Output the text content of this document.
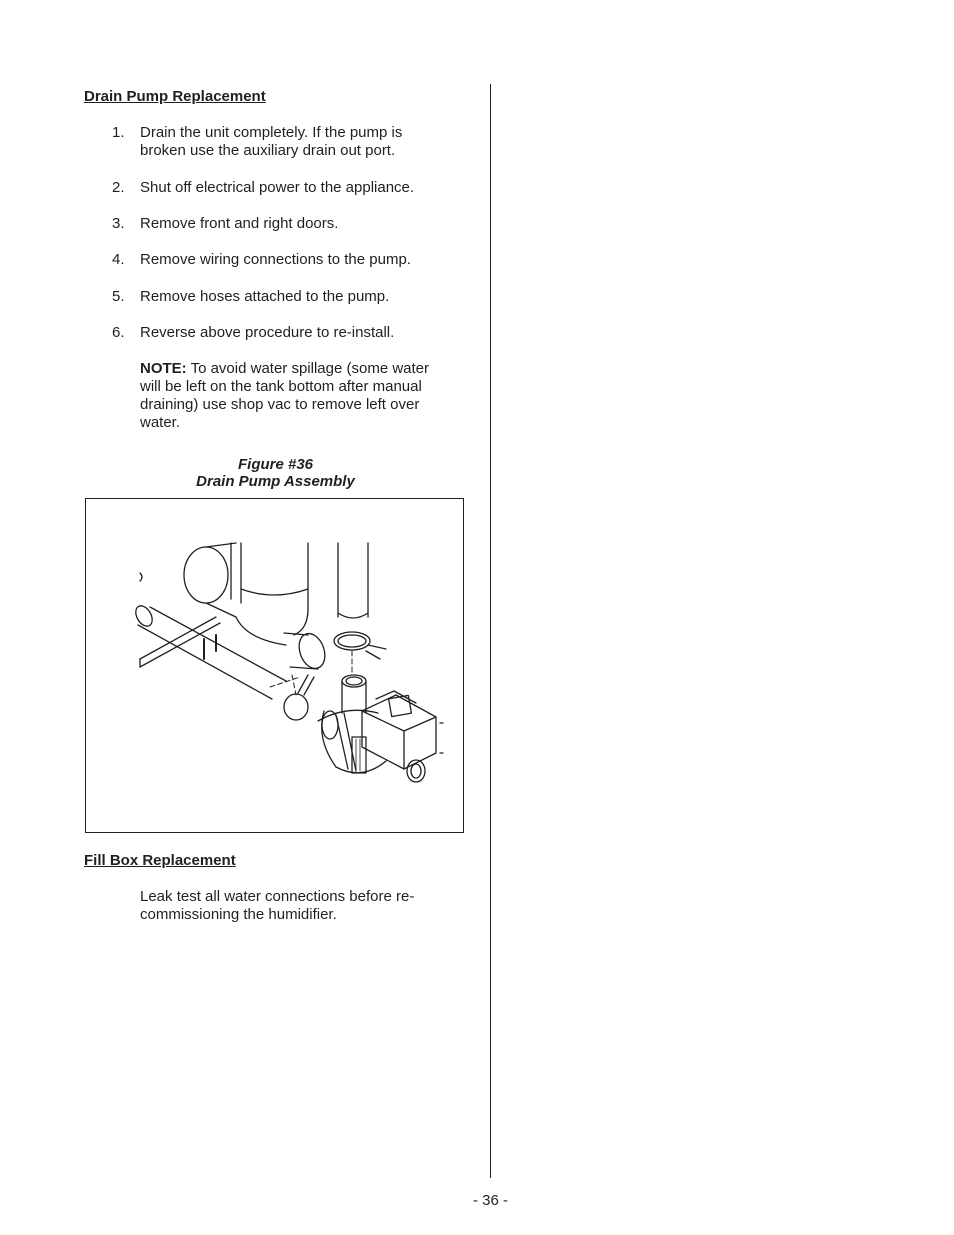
Drain Pump Replacement
1. Drain the unit completely. If the pump is broken use the auxiliary drain out port.
2. Shut off electrical power to the appliance.
3. Remove front and right doors.
4. Remove wiring connections to the pump.
5. Remove hoses attached to the pump.
6. Reverse above procedure to re-install.
NOTE: To avoid water spillage (some water will be left on the tank bottom after manual draining) use shop vac to remove left over water.
Figure #36
Drain Pump Assembly
Fill Box Replacement
Leak test all water connections before re-commissioning the humidifier.
- 36 -
